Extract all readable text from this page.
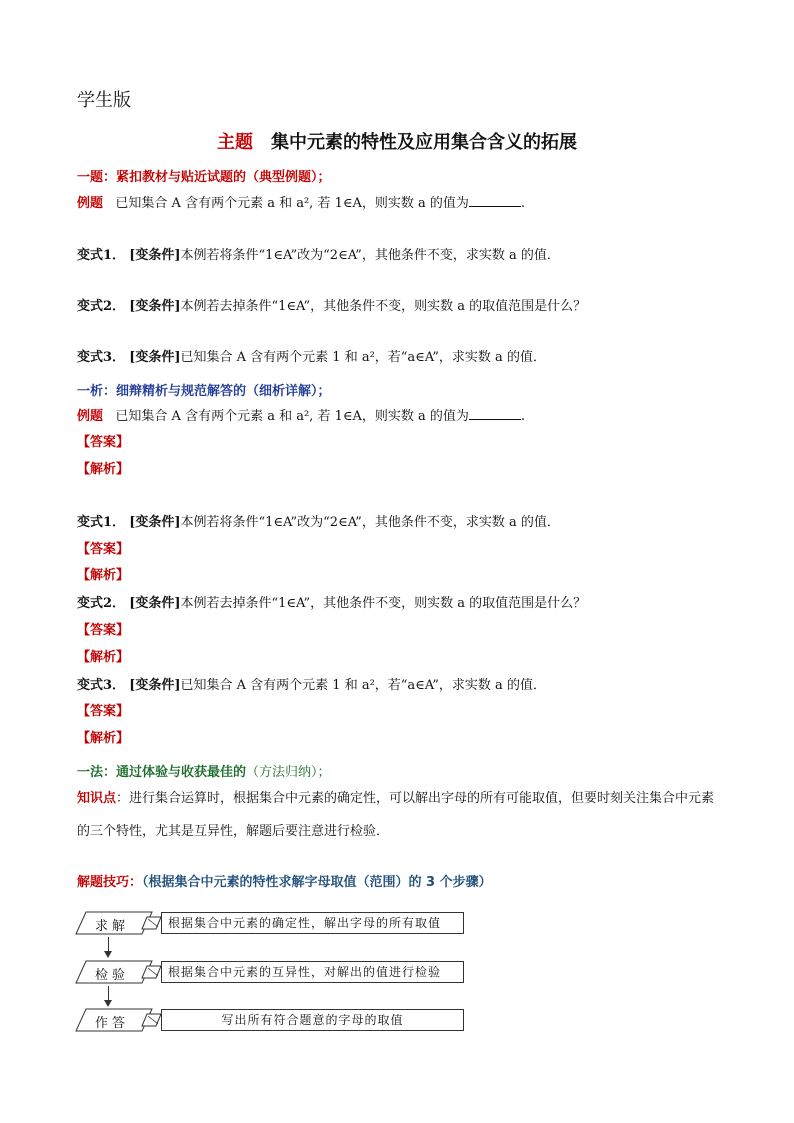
学生版
主题 集中元素的特性及应用集合含义的拓展
一题：紧扣教材与贴近试题的（典型例题）；
例题 已知集合 A 含有两个元素 a 和 a², 若 1∈A，则实数 a 的值为	.
变式1． [变条件]本例若将条件“1∈A”改为“2∈A”，其他条件不变，求实数 a 的值．
变式2． [变条件]本例若去掉条件“1∈A”，其他条件不变，则实数 a 的取值范围是什么？
变式3． [变条件]已知集合 A 含有两个元素 1 和 a²，若“a∈A”，求实数 a 的值．
一析：细辩精析与规范解答的（细析详解）；
例题 已知集合 A 含有两个元素 a 和 a², 若 1∈A，则实数 a 的值为	.
【答案】
【解析】
变式1． [变条件]本例若将条件“1∈A”改为“2∈A”，其他条件不变，求实数 a 的值．
【答案】
【解析】
变式2． [变条件]本例若去掉条件“1∈A”，其他条件不变，则实数 a 的取值范围是什么？
【答案】
【解析】
变式3． [变条件]已知集合 A 含有两个元素 1 和 a²，若“a∈A”，求实数 a 的值．
【答案】
【解析】
一法：通过体验与收获最佳的（方法归纳）；
知识点：进行集合运算时，根据集合中元素的确定性，可以解出字母的所有可能取值，但要时刻关注集合中元素的三个特性，尤其是互异性，解题后要注意进行检验．
解题技巧：（根据集合中元素的特性求解字母取值（范围）的 3 个步骤）
求解	根据集合中元素的确定性，解出字母的所有取值
检验	根据集合中元素的互异性，对解出的值进行检验
作答	写出所有符合题意的字母的取值
